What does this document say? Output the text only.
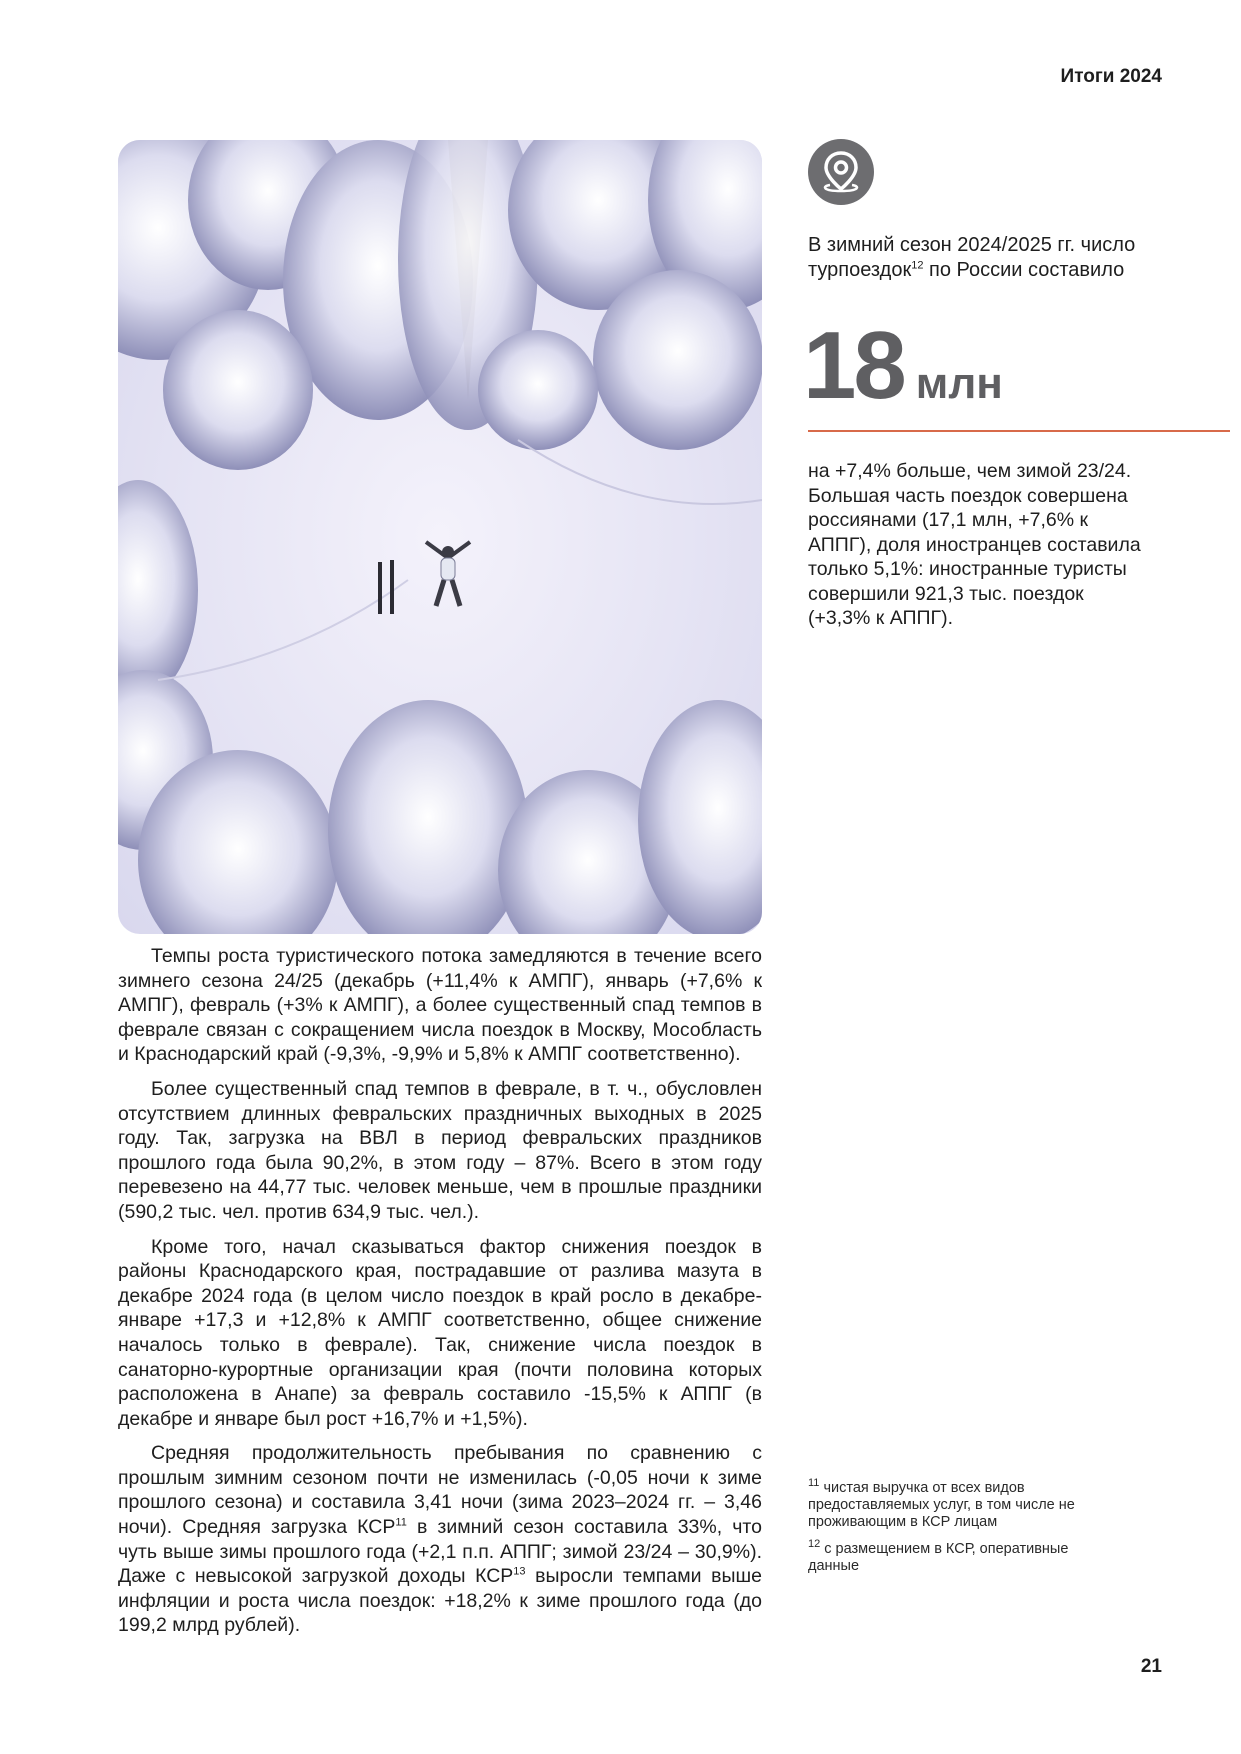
Итоги 2024
В зимний сезон 2024/2025 гг. число турпоездок$^{12}$ по России составило
18 млн
на +7,4% больше, чем зимой 23/24. Большая часть поездок совершена россиянами (17,1 млн, +7,6% к АППГ), доля иностранцев составила только 5,1%: иностранные туристы совершили 921,3 тыс. поездок (+3,3% к АППГ).

Темпы роста туристического потока замедляются в течение всего зимнего сезона 24/25 (декабрь (+11,4% к АМПГ), январь (+7,6% к АМПГ), февраль (+3% к АМПГ), а более существенный спад темпов в феврале связан с сокращением числа поездок в Москву, Мособласть и Краснодарский край (-9,3%, -9,9% и 5,8% к АМПГ соответственно).

Более существенный спад темпов в феврале, в т. ч., обусловлен отсутствием длинных февральских праздничных выходных в 2025 году. Так, загрузка на ВВЛ в период февральских праздников прошлого года была 90,2%, в этом году – 87%. Всего в этом году перевезено на 44,77 тыс. человек меньше, чем в прошлые праздники (590,2 тыс. чел. против 634,9 тыс. чел.).

Кроме того, начал сказываться фактор снижения поездок в районы Краснодарского края, пострадавшие от разлива мазута в декабре 2024 года (в целом число поездок в край росло в декабре-январе +17,3 и +12,8% к АМПГ соответственно, общее снижение началось только в феврале). Так, снижение числа поездок в санаторно-курортные организации края (почти половина которых расположена в Анапе) за февраль составило -15,5% к АППГ (в декабре и январе был рост +16,7% и +1,5%).

Средняя продолжительность пребывания по сравнению с прошлым зимним сезоном почти не изменилась (-0,05 ночи к зиме прошлого сезона) и составила 3,41 ночи (зима 2023–2024 гг. – 3,46 ночи). Средняя загрузка КСР$^{11}$ в зимний сезон составила 33%, что чуть выше зимы прошлого года (+2,1 п.п. АППГ; зимой 23/24 – 30,9%). Даже с невысокой загрузкой доходы КСР$^{13}$ выросли темпами выше инфляции и роста числа поездок: +18,2% к зиме прошлого года (до 199,2 млрд рублей).

$^{11}$ чистая выручка от всех видов предоставляемых услуг, в том числе не проживающим в КСР лицам

$^{12}$ с размещением в КСР, оперативные данные

21
